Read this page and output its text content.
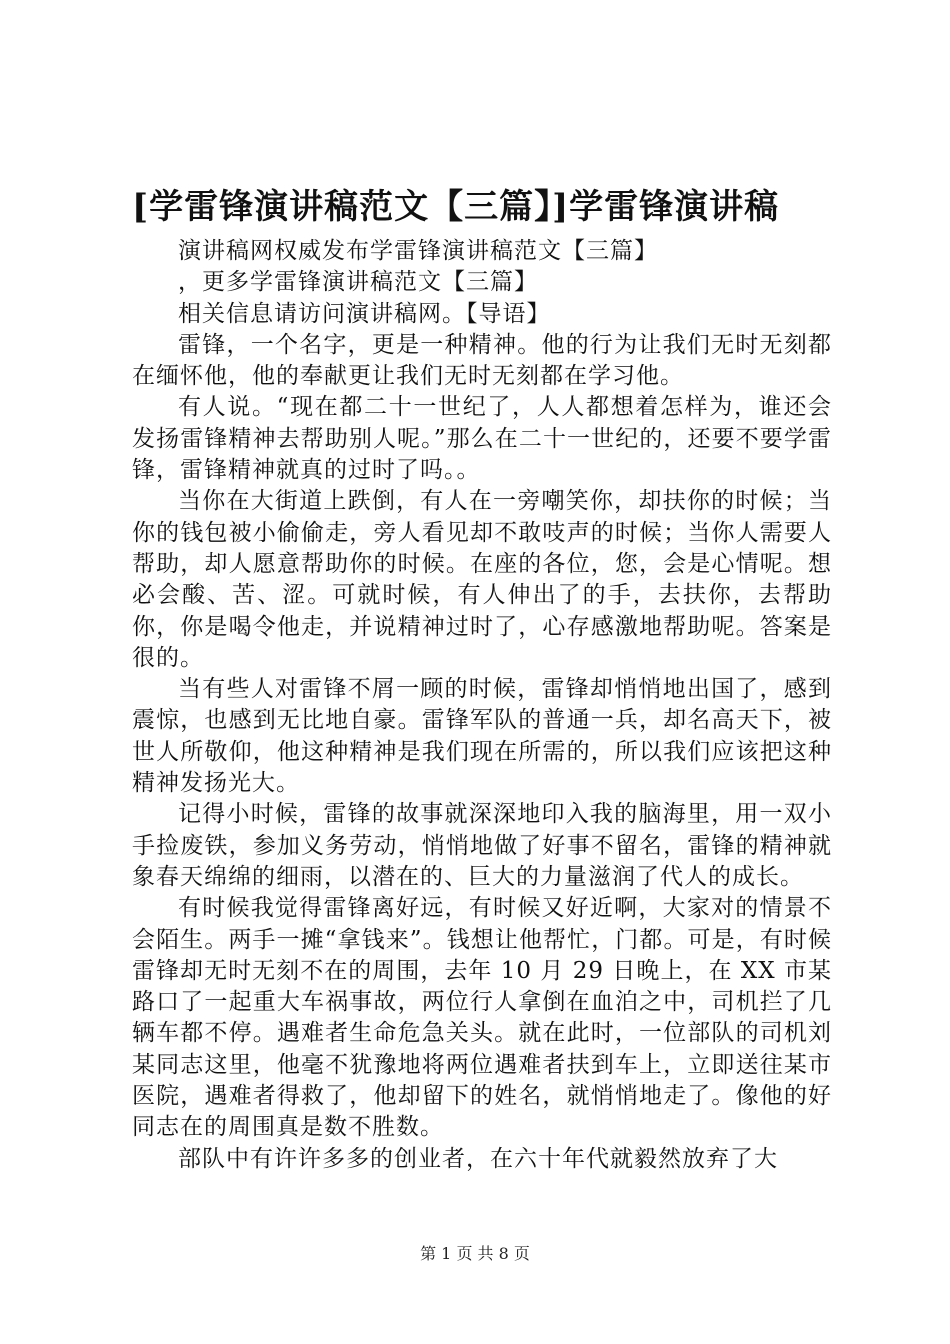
[学雷锋演讲稿范文【三篇】]学雷锋演讲稿

演讲稿网权威发布学雷锋演讲稿范文【三篇】

，更多学雷锋演讲稿范文【三篇】

相关信息请访问演讲稿网。【导语】

雷锋，一个名字，更是一种精神。他的行为让我们无时无刻都在缅怀他，他的奉献更让我们无时无刻都在学习他。

有人说。“现在都二十一世纪了，人人都想着怎样为，谁还会发扬雷锋精神去帮助别人呢。”那么在二十一世纪的，还要不要学雷锋，雷锋精神就真的过时了吗。。

当你在大街道上跌倒，有人在一旁嘲笑你，却扶你的时候；当你的钱包被小偷偷走，旁人看见却不敢吱声的时候；当你人需要人帮助，却人愿意帮助你的时候。在座的各位，您，会是心情呢。想必会酸、苦、涩。可就时候，有人伸出了的手，去扶你，去帮助你，你是喝令他走，并说精神过时了，心存感激地帮助呢。答案是很的。

当有些人对雷锋不屑一顾的时候，雷锋却悄悄地出国了，感到震惊，也感到无比地自豪。雷锋军队的普通一兵，却名高天下，被世人所敬仰，他这种精神是我们现在所需的，所以我们应该把这种精神发扬光大。

记得小时候，雷锋的故事就深深地印入我的脑海里，用一双小手捡废铁，参加义务劳动，悄悄地做了好事不留名，雷锋的精神就象春天绵绵的细雨，以潜在的、巨大的力量滋润了代人的成长。

有时候我觉得雷锋离好远，有时候又好近啊，大家对的情景不会陌生。两手一摊“拿钱来”。钱想让他帮忙，门都。可是，有时候雷锋却无时无刻不在的周围，去年 10 月 29 日晚上，在 XX 市某路口了一起重大车祸事故，两位行人拿倒在血泊之中，司机拦了几辆车都不停。遇难者生命危急关头。就在此时，一位部队的司机刘某同志这里，他毫不犹豫地将两位遇难者扶到车上，立即送往某市医院，遇难者得救了，他却留下的姓名，就悄悄地走了。像他的好同志在的周围真是数不胜数。

部队中有许许多多的创业者，在六十年代就毅然放弃了大

第 1 页 共 8 页
